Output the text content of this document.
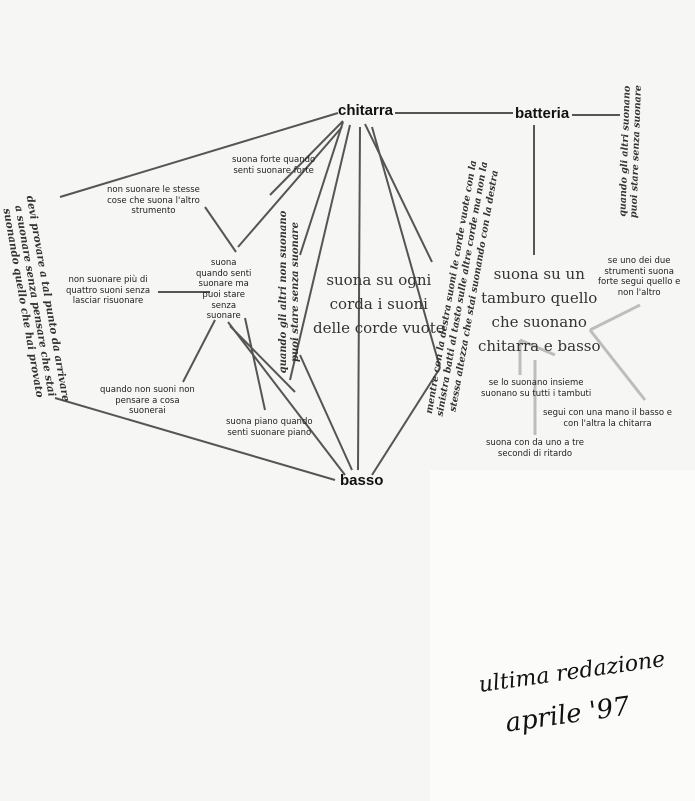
chitarra	batteria
basso
suona forte quando
senti suonare forte
non suonare le stesse
cose che suona l'altro
strumento
suona
quando senti
suonare ma
puoi stare
senza
suonare
non suonare più di
quattro suoni senza
lasciar risuonare
quando non suoni non
pensare a cosa
suonerai
suona piano quando
senti suonare piano
devi provare a tal punto da arrivare
a suonare senza pensare che stai
suonando quello che hai provato	quando gli altri non suonano
puoi stare senza suonare
suona su ogni
corda i suoni
delle corde vuote
mentre con la destra suoni le corde vuote con la
sinistra batti al tasto sulle altre corde ma non la
stessa altezza che stai suonando con la destra
quando gli altri suonano
puoi stare senza suonare
suona su un
tamburo quello
che suonano
chitarra e basso
se uno dei due
strumenti suona
forte segui quello e
non l'altro
se lo suonano insieme
suonano su tutti i tambuti
segui con una mano il basso e
con l'altra la chitarra
suona con da uno a tre
secondi di ritardo
ultima redazione
aprile '97
